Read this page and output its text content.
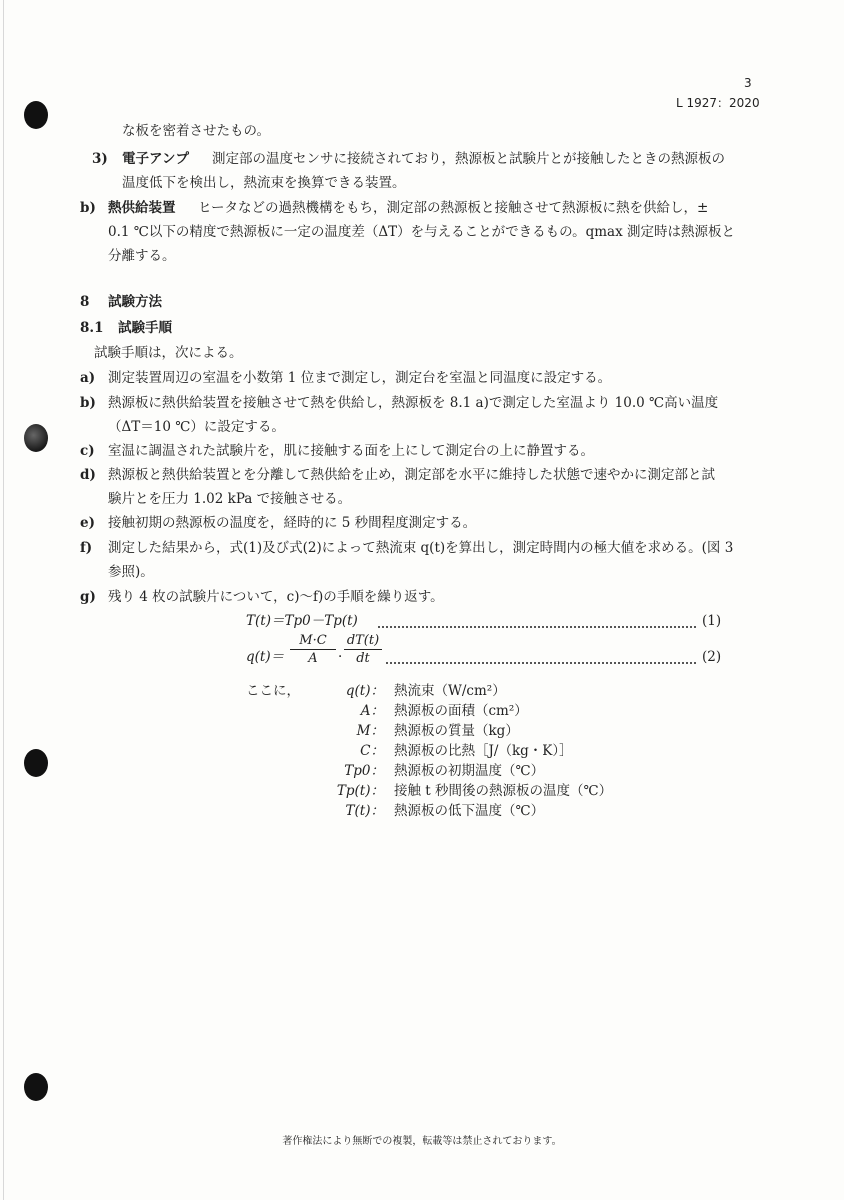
3
L 1927：2020
な板を密着させたもの。
3) 電子アンプ 測定部の温度センサに接続されており，熱源板と試験片とが接触したときの熱源板の
温度低下を検出し，熱流束を換算できる装置。
b) 熱供給装置 ヒータなどの過熱機構をもち，測定部の熱源板と接触させて熱源板に熱を供給し，±
0.1 ℃以下の精度で熱源板に一定の温度差（ΔT）を与えることができるもの。qmax 測定時は熱源板と
分離する。
8 試験方法
8.1 試験手順
試験手順は，次による。
a) 測定装置周辺の室温を小数第 1 位まで測定し，測定台を室温と同温度に設定する。
b) 熱源板に熱供給装置を接触させて熱を供給し，熱源板を 8.1 a)で測定した室温より 10.0 ℃高い温度
（ΔT＝10 ℃）に設定する。
c) 室温に調温された試験片を，肌に接触する面を上にして測定台の上に静置する。
d) 熱源板と熱供給装置とを分離して熱供給を止め，測定部を水平に維持した状態で速やかに測定部と試
験片とを圧力 1.02 kPa で接触させる。
e) 接触初期の熱源板の温度を，経時的に 5 秒間程度測定する。
f) 測定した結果から，式(1)及び式(2)によって熱流束 q(t)を算出し，測定時間内の極大値を求める。(図 3
参照)。
g) 残り 4 枚の試験片について，c)〜f)の手順を繰り返す。
T(t)＝Tp0－Tp(t)	(1)
q(t)＝
M·C
A	·
dT(t)
dt	(2)
ここに，	q(t)： 熱流束（W/cm²）
A： 熱源板の面積（cm²）
M： 熱源板の質量（kg）
C： 熱源板の比熱［J/（kg・K）］
Tp0： 熱源板の初期温度（℃）
Tp(t)： 接触 t 秒間後の熱源板の温度（℃）
T(t)： 熱源板の低下温度（℃）
著作権法により無断での複製，転載等は禁止されております。
